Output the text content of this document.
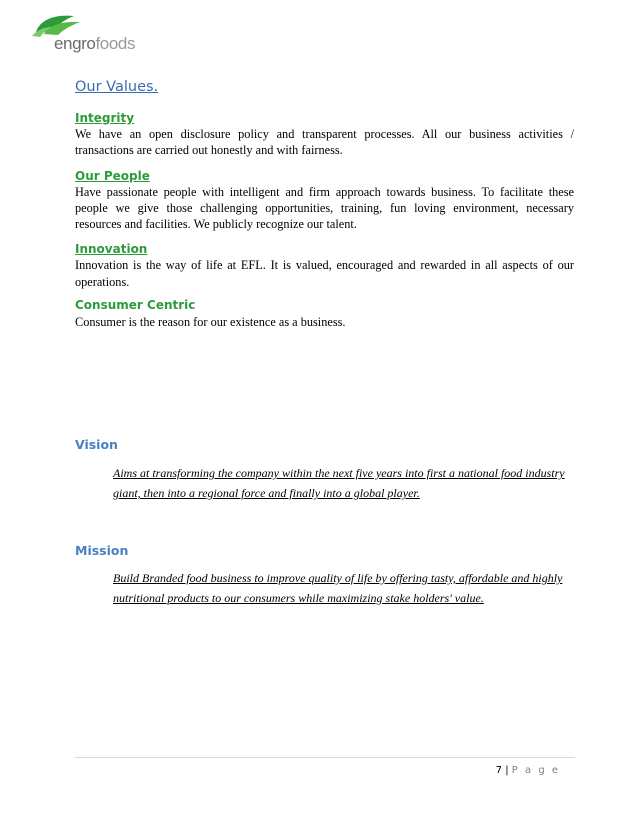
engrofoods
Our Values.
Integrity

We have an open disclosure policy and transparent processes. All our business activities / transactions are carried out honestly and with fairness.

Our People

Have passionate people with intelligent and firm approach towards business. To facilitate these people we give those challenging opportunities, training, fun loving environment, necessary resources and facilities. We publicly recognize our talent.

Innovation

Innovation is the way of life at EFL. It is valued, encouraged and rewarded in all aspects of our operations.

Consumer Centric

Consumer is the reason for our existence as a business.

Vision

Aims at transforming the company within the next five years into first a national food industry giant, then into a regional force and finally into a global player.

Mission

Build Branded food business to improve quality of life by offering tasty, affordable and highly nutritional products to our consumers while maximizing stake holders' value.

7 | P a g e
